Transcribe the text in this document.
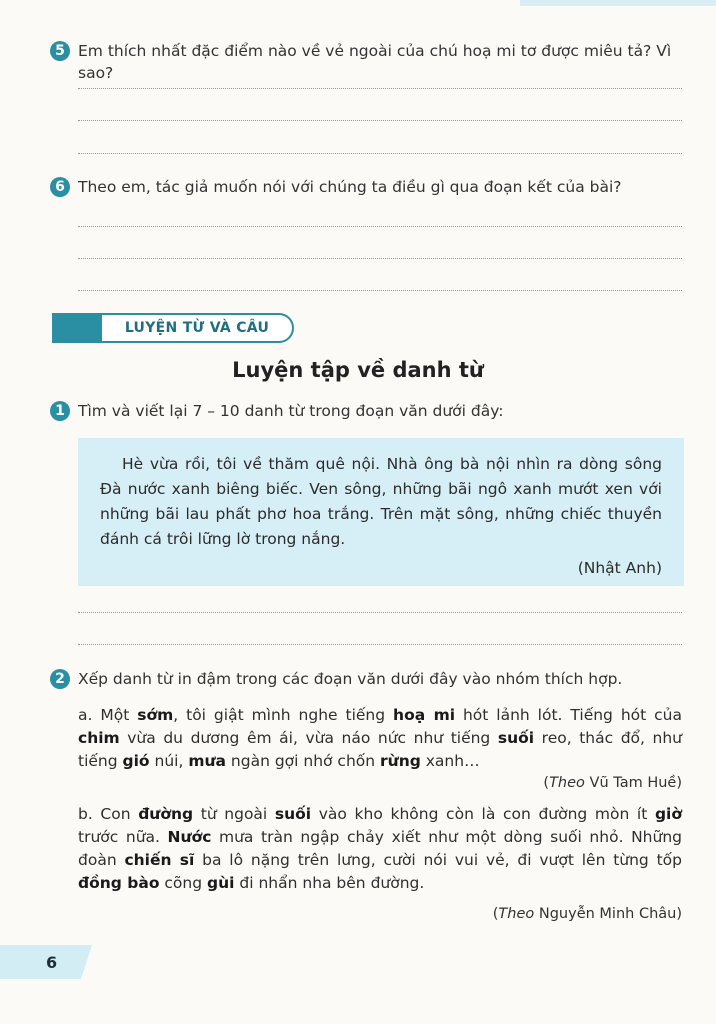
5 Em thích nhất đặc điểm nào về vẻ ngoài của chú hoạ mi tơ được miêu tả? Vì sao?
6 Theo em, tác giả muốn nói với chúng ta điều gì qua đoạn kết của bài?
LUYỆN TỪ VÀ CÂU
Luyện tập về danh từ
1 Tìm và viết lại 7 – 10 danh từ trong đoạn văn dưới đây:

Hè vừa rồi, tôi về thăm quê nội. Nhà ông bà nội nhìn ra dòng sông Đà nước xanh biêng biếc. Ven sông, những bãi ngô xanh mướt xen với những bãi lau phất phơ hoa trắng. Trên mặt sông, những chiếc thuyền đánh cá trôi lững lờ trong nắng.

(Nhật Anh)

2 Xếp danh từ in đậm trong các đoạn văn dưới đây vào nhóm thích hợp.
a. Một sớm, tôi giật mình nghe tiếng hoạ mi hót lảnh lót. Tiếng hót của chim vừa du dương êm ái, vừa náo nức như tiếng suối reo, thác đổ, như tiếng gió núi, mưa ngàn gợi nhớ chốn rừng xanh…
(Theo Vũ Tam Huề)
b. Con đường từ ngoài suối vào kho không còn là con đường mòn ít giờ trước nữa. Nước mưa tràn ngập chảy xiết như một dòng suối nhỏ. Những đoàn chiến sĩ ba lô nặng trên lưng, cười nói vui vẻ, đi vượt lên từng tốp đồng bào cõng gùi đi nhẩn nha bên đường.
(Theo Nguyễn Minh Châu)
6
